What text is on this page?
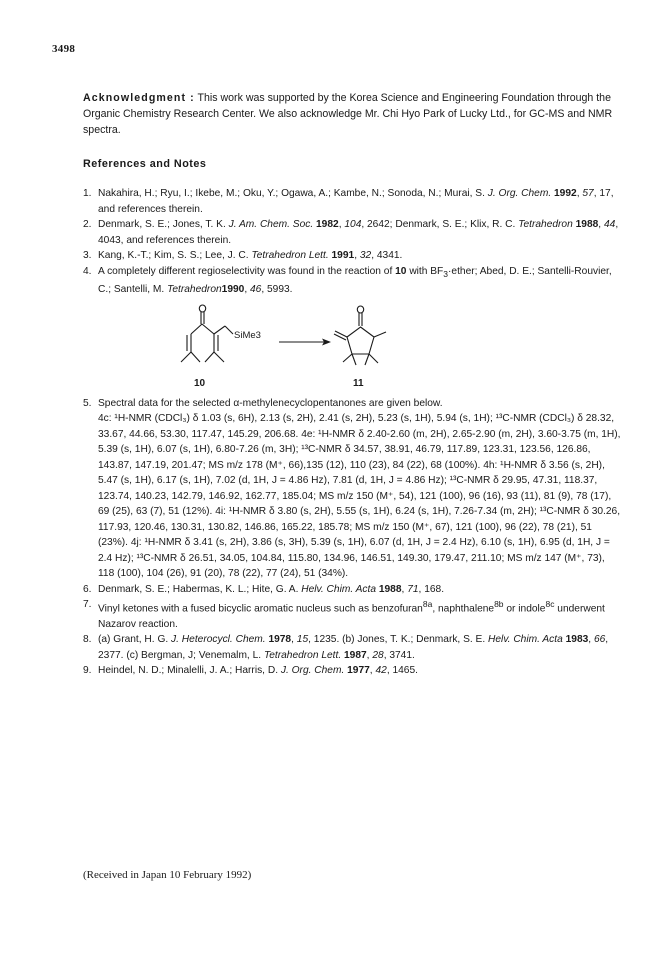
3498
Acknowledgment : This work was supported by the Korea Science and Engineering Foundation through the Organic Chemistry Research Center. We also acknowledge Mr. Chi Hyo Park of Lucky Ltd., for GC-MS and NMR spectra.
References and Notes
1. Nakahira, H.; Ryu, I.; Ikebe, M.; Oku, Y.; Ogawa, A.; Kambe, N.; Sonoda, N.; Murai, S. J. Org. Chem. 1992, 57, 17, and references therein.
2. Denmark, S. E.; Jones, T. K. J. Am. Chem. Soc. 1982, 104, 2642; Denmark, S. E.; Klix, R. C. Tetrahedron 1988, 44, 4043, and references therein.
3. Kang, K.-T.; Kim, S. S.; Lee, J. C. Tetrahedron Lett. 1991, 32, 4341.
4. A completely different regioselectivity was found in the reaction of 10 with $BF_3\cdot ether$; Abed, D. E.; Santelli-Rouvier, C.; Santelli, M. Tetrahedron1990, 46, 5993.
SiMe3
10	11
5. Spectral data for the selected α-methylenecyclopentanones are given below.
4c: ¹H-NMR (CDCl₃) δ 1.03 (s, 6H), 2.13 (s, 2H), 2.41 (s, 2H), 5.23 (s, 1H), 5.94 (s, 1H); ¹³C-NMR (CDCl₃) δ 28.32, 33.67, 44.66, 53.30, 117.47, 145.29, 206.68. 4e: ¹H-NMR δ 2.40-2.60 (m, 2H), 2.65-2.90 (m, 2H), 3.60-3.75 (m, 1H), 5.39 (s, 1H), 6.07 (s, 1H), 6.80-7.26 (m, 3H); ¹³C-NMR δ 34.57, 38.91, 46.79, 117.89, 123.31, 123.56, 126.86, 143.87, 147.19, 201.47; MS m/z 178 (M⁺, 66),135 (12), 110 (23), 84 (22), 68 (100%). 4h: ¹H-NMR δ 3.56 (s, 2H), 5.47 (s, 1H), 6.17 (s, 1H), 7.02 (d, 1H, J = 4.86 Hz), 7.81 (d, 1H, J = 4.86 Hz); ¹³C-NMR δ 29.95, 47.31, 118.37, 123.74, 140.23, 142.79, 146.92, 162.77, 185.04; MS m/z 150 (M⁺, 54), 121 (100), 96 (16), 93 (11), 81 (9), 78 (17), 69 (25), 63 (7), 51 (12%). 4i: ¹H-NMR δ 3.80 (s, 2H), 5.55 (s, 1H), 6.24 (s, 1H), 7.26-7.34 (m, 2H); ¹³C-NMR δ 30.26, 117.93, 120.46, 130.31, 130.82, 146.86, 165.22, 185.78; MS m/z 150 (M⁺, 67), 121 (100), 96 (22), 78 (21), 51 (23%). 4j: ¹H-NMR δ 3.41 (s, 2H), 3.86 (s, 3H), 5.39 (s, 1H), 6.07 (d, 1H, J = 2.4 Hz), 6.10 (s, 1H), 6.95 (d, 1H, J = 2.4 Hz); ¹³C-NMR δ 26.51, 34.05, 104.84, 115.80, 134.96, 146.51, 149.30, 179.47, 211.10; MS m/z 147 (M⁺, 73), 118 (100), 104 (26), 91 (20), 78 (22), 77 (24), 51 (34%).
6. Denmark, S. E.; Habermas, K. L.; Hite, G. A. Helv. Chim. Acta 1988, 71, 168.
7. Vinyl ketones with a fused bicyclic aromatic nucleus such as benzofuran$^{8a}$, naphthalene$^{8b}$ or indole$^{8c}$ underwent Nazarov reaction.
8. (a) Grant, H. G. J. Heterocycl. Chem. 1978, 15, 1235. (b) Jones, T. K.; Denmark, S. E. Helv. Chim. Acta 1983, 66, 2377. (c) Bergman, J; Venemalm, L. Tetrahedron Lett. 1987, 28, 3741.
9. Heindel, N. D.; Minalelli, J. A.; Harris, D. J. Org. Chem. 1977, 42, 1465.
(Received in Japan 10 February 1992)
